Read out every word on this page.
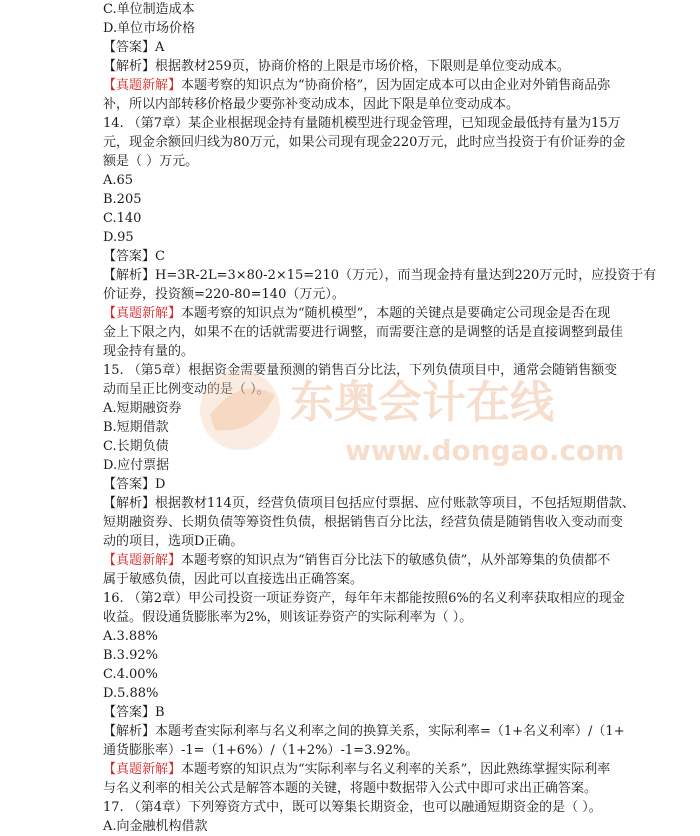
C.单位制造成本
D.单位市场价格
【答案】A
【解析】根据教材259页，协商价格的上限是市场价格，下限则是单位变动成本。
【真题新解】本题考察的知识点为“协商价格”，因为固定成本可以由企业对外销售商品弥
补，所以内部转移价格最少要弥补变动成本，因此下限是单位变动成本。
14. （第7章）某企业根据现金持有量随机模型进行现金管理，已知现金最低持有量为15万
元，现金余额回归线为80万元，如果公司现有现金220万元，此时应当投资于有价证券的金
额是（ ）万元。
A.65
B.205
C.140
D.95
【答案】C
【解析】H=3R-2L=3×80-2×15=210（万元），而当现金持有量达到220万元时，应投资于有
价证券，投资额=220-80=140（万元）。
【真题新解】本题考察的知识点为“随机模型”，本题的关键点是要确定公司现金是否在现
金上下限之内，如果不在的话就需要进行调整，而需要注意的是调整的话是直接调整到最佳
现金持有量的。
15. （第5章）根据资金需要量预测的销售百分比法，下列负债项目中，通常会随销售额变
动而呈正比例变动的是（ ）。
A.短期融资券
B.短期借款
C.长期负债
D.应付票据
【答案】D
【解析】根据教材114页，经营负债项目包括应付票据、应付账款等项目，不包括短期借款、
短期融资券、长期负债等筹资性负债，根据销售百分比法，经营负债是随销售收入变动而变
动的项目，选项D正确。
【真题新解】本题考察的知识点为“销售百分比法下的敏感负债”，从外部筹集的负债都不
属于敏感负债，因此可以直接选出正确答案。
16. （第2章）甲公司投资一项证券资产，每年年末都能按照6%的名义利率获取相应的现金
收益。假设通货膨胀率为2%，则该证券资产的实际利率为（ ）。
A.3.88%
B.3.92%
C.4.00%
D.5.88%
【答案】B
【解析】本题考查实际利率与名义利率之间的换算关系，实际利率=（1+名义利率）/（1+
通货膨胀率）-1=（1+6%）/（1+2%）-1=3.92%。
【真题新解】本题考察的知识点为“实际利率与名义利率的关系”，因此熟练掌握实际利率
与名义利率的相关公式是解答本题的关键，将题中数据带入公式中即可求出正确答案。
17. （第4章）下列筹资方式中，既可以筹集长期资金，也可以融通短期资金的是（ ）。
A.向金融机构借款
东奥会计在线
www.dongao.com
